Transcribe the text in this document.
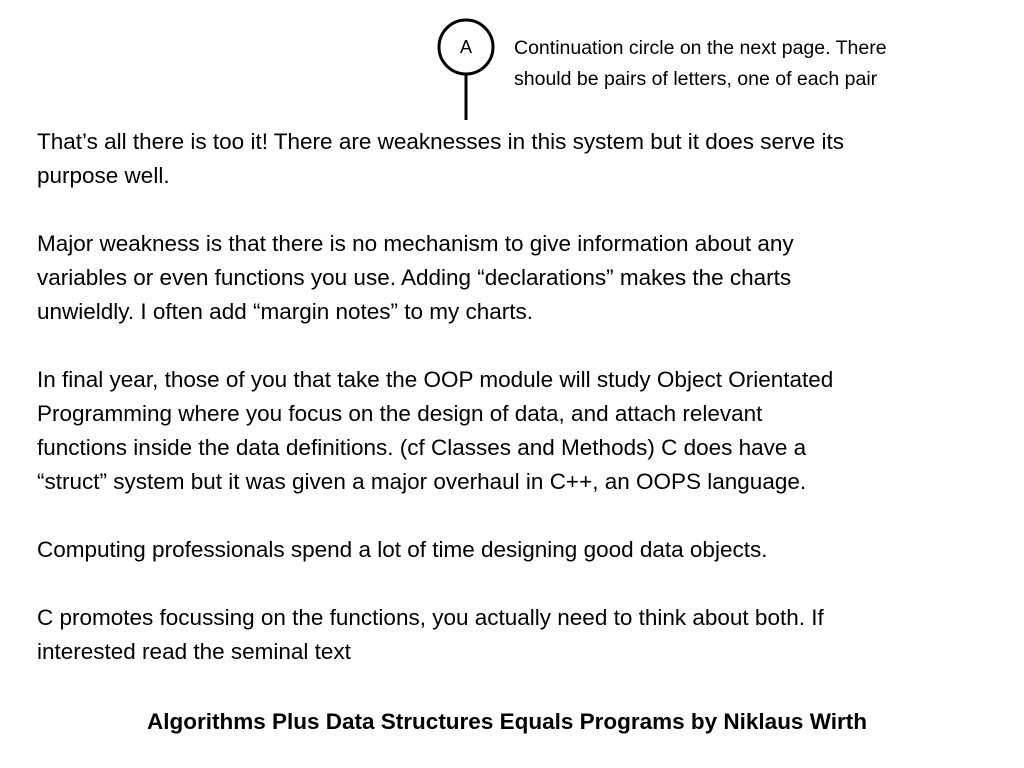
A	Continuation circle on the next page. There
should be pairs of letters, one of each pair

That’s all there is too it! There are weaknesses in this system but it does serve its
purpose well.

Major weakness is that there is no mechanism to give information about any
variables or even functions you use. Adding “declarations” makes the charts
unwieldly. I often add “margin notes” to my charts.

In final year, those of you that take the OOP module will study Object Orientated
Programming where you focus on the design of data, and attach relevant
functions inside the data definitions. (cf Classes and Methods) C does have a
“struct” system but it was given a major overhaul in C++, an OOPS language.

Computing professionals spend a lot of time designing good data objects.

C promotes focussing on the functions, you actually need to think about both. If
interested read the seminal text

Algorithms Plus Data Structures Equals Programs by Niklaus Wirth
